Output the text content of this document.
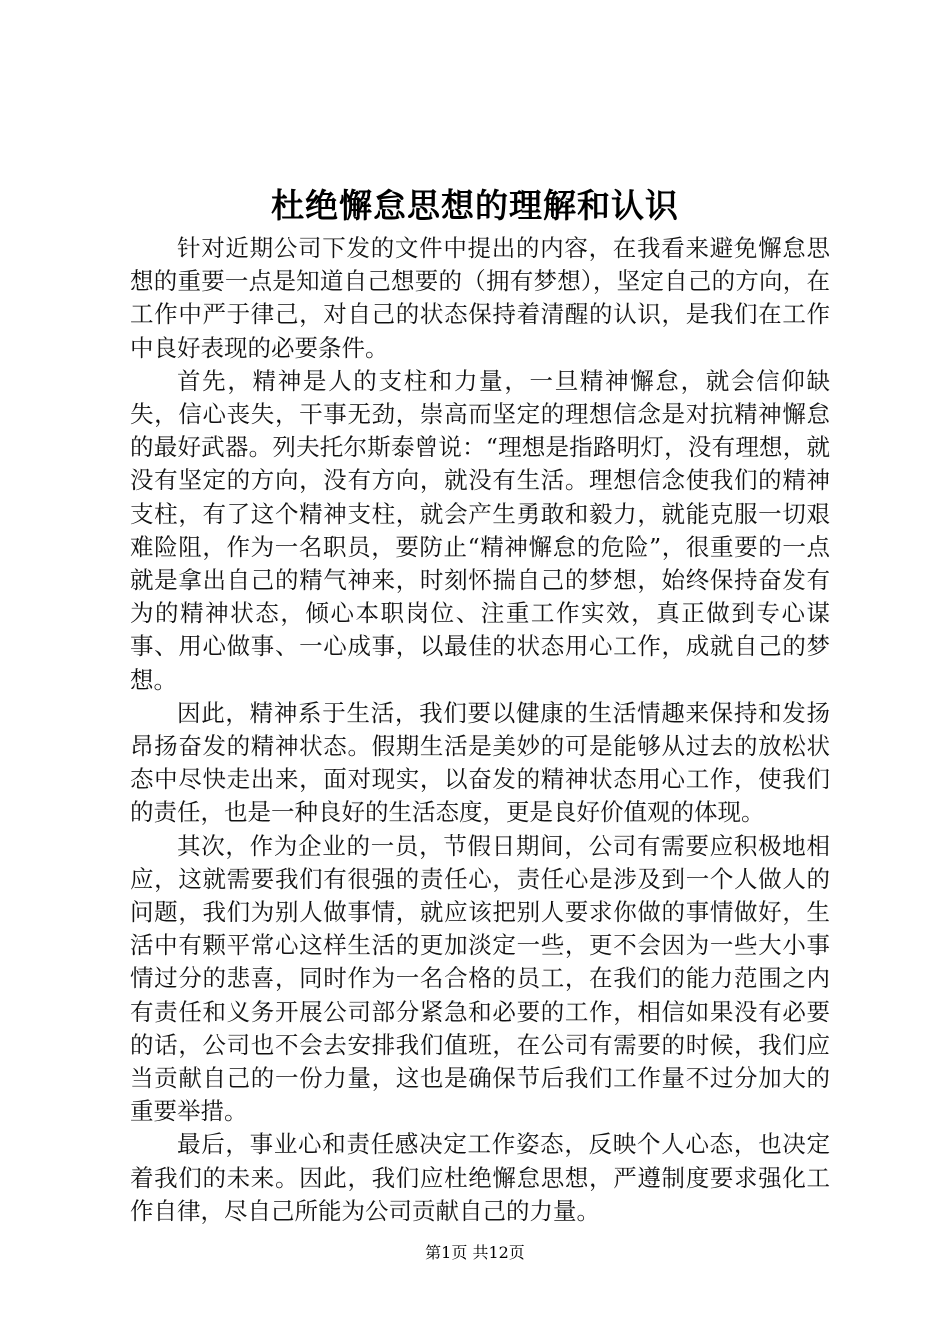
杜绝懈怠思想的理解和认识

针对近期公司下发的文件中提出的内容，在我看来避免懈怠思想的重要一点是知道自己想要的（拥有梦想），坚定自己的方向，在工作中严于律己，对自己的状态保持着清醒的认识，是我们在工作中良好表现的必要条件。

首先，精神是人的支柱和力量，一旦精神懈怠，就会信仰缺失，信心丧失，干事无劲，崇高而坚定的理想信念是对抗精神懈怠的最好武器。列夫托尔斯泰曾说：“理想是指路明灯，没有理想，就没有坚定的方向，没有方向，就没有生活。理想信念使我们的精神支柱，有了这个精神支柱，就会产生勇敢和毅力，就能克服一切艰难险阻，作为一名职员，要防止“精神懈怠的危险”，很重要的一点就是拿出自己的精气神来，时刻怀揣自己的梦想，始终保持奋发有为的精神状态，倾心本职岗位、注重工作实效，真正做到专心谋事、用心做事、一心成事，以最佳的状态用心工作，成就自己的梦想。

因此，精神系于生活，我们要以健康的生活情趣来保持和发扬昂扬奋发的精神状态。假期生活是美妙的可是能够从过去的放松状态中尽快走出来，面对现实，以奋发的精神状态用心工作，使我们的责任，也是一种良好的生活态度，更是良好价值观的体现。

其次，作为企业的一员，节假日期间，公司有需要应积极地相应，这就需要我们有很强的责任心，责任心是涉及到一个人做人的问题，我们为别人做事情，就应该把别人要求你做的事情做好，生活中有颗平常心这样生活的更加淡定一些，更不会因为一些大小事情过分的悲喜，同时作为一名合格的员工，在我们的能力范围之内有责任和义务开展公司部分紧急和必要的工作，相信如果没有必要的话，公司也不会去安排我们值班，在公司有需要的时候，我们应当贡献自己的一份力量，这也是确保节后我们工作量不过分加大的重要举措。

最后，事业心和责任感决定工作姿态，反映个人心态，也决定着我们的未来。因此，我们应杜绝懈怠思想，严遵制度要求强化工作自律，尽自己所能为公司贡献自己的力量。

第1页 共12页
